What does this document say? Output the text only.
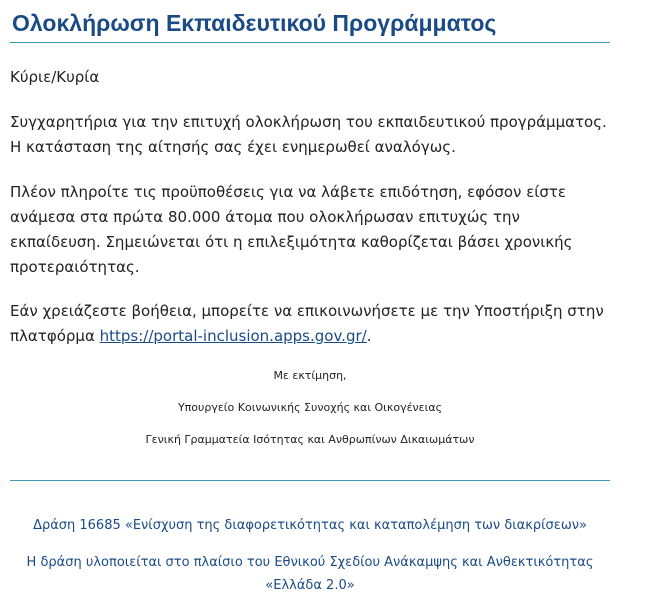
Ολοκλήρωση Εκπαιδευτικού Προγράμματος

Κύριε/Κυρία

Συγχαρητήρια για την επιτυχή ολοκλήρωση του εκπαιδευτικού προγράμματος. Η κατάσταση της αίτησής σας έχει ενημερωθεί αναλόγως.

Πλέον πληροίτε τις προϋποθέσεις για να λάβετε επιδότηση, εφόσον είστε ανάμεσα στα πρώτα 80.000 άτομα που ολοκλήρωσαν επιτυχώς την εκπαίδευση. Σημειώνεται ότι η επιλεξιμότητα καθορίζεται βάσει χρονικής προτεραιότητας.

Εάν χρειάζεστε βοήθεια, μπορείτε να επικοινωνήσετε με την Υποστήριξη στην πλατφόρμα https://portal-inclusion.apps.gov.gr/.

Με εκτίμηση,

Υπουργείο Κοινωνικής Συνοχής και Οικογένειας

Γενική Γραμματεία Ισότητας και Ανθρωπίνων Δικαιωμάτων

Δράση 16685 «Ενίσχυση της διαφορετικότητας και καταπολέμηση των διακρίσεων»

Η δράση υλοποιείται στο πλαίσιο του Εθνικού Σχεδίου Ανάκαμψης και Ανθεκτικότητας «Ελλάδα 2.0»
